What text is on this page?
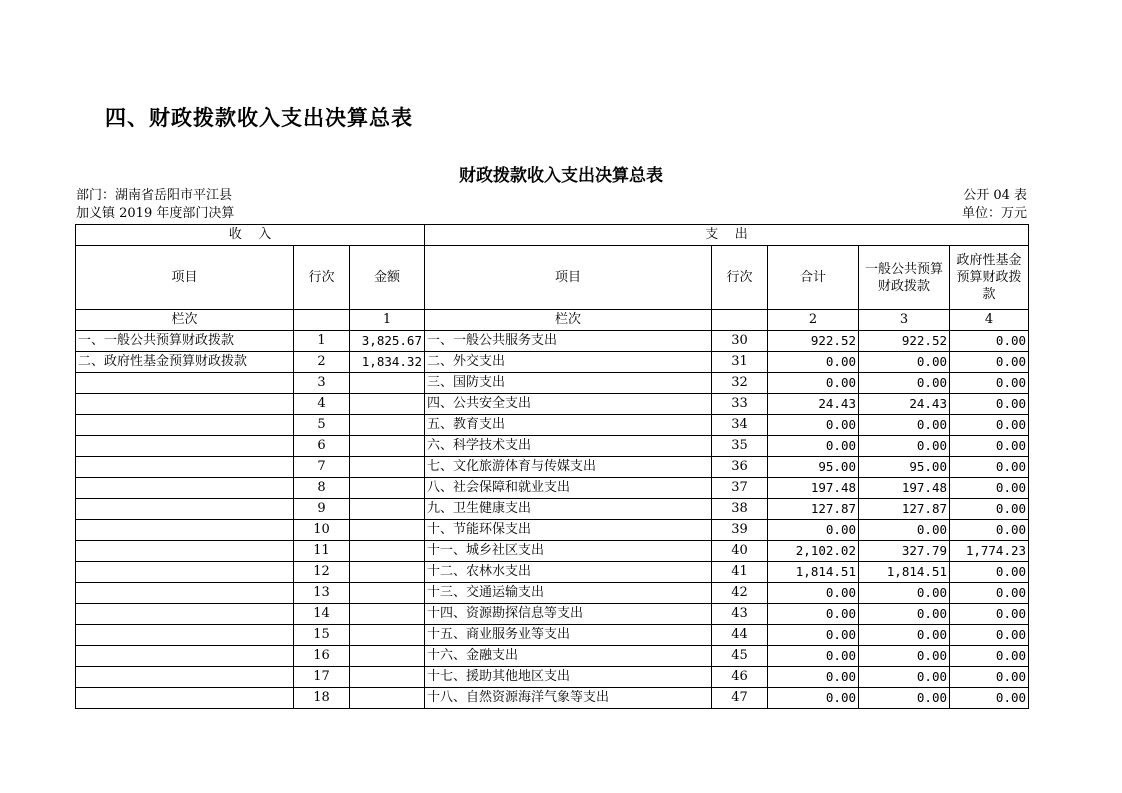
四、财政拨款收入支出决算总表
财政拨款收入支出决算总表
部门：湖南省岳阳市平江县	公开 04 表
加义镇 2019 年度部门决算	单位：万元
收    入			支    出				
项目	行次	金额	项目	行次	合计	一般公共预算财政拨款	政府性基金预算财政拨款
栏次		1	栏次		2	3	4
一、一般公共预算财政拨款	1	3,825.67	一、一般公共服务支出	30	922.52	922.52	0.00
二、政府性基金预算财政拨款	2	1,834.32	二、外交支出	31	0.00	0.00	0.00
	3		三、国防支出	32	0.00	0.00	0.00
	4		四、公共安全支出	33	24.43	24.43	0.00
	5		五、教育支出	34	0.00	0.00	0.00
	6		六、科学技术支出	35	0.00	0.00	0.00
	7		七、文化旅游体育与传媒支出	36	95.00	95.00	0.00
	8		八、社会保障和就业支出	37	197.48	197.48	0.00
	9		九、卫生健康支出	38	127.87	127.87	0.00
	10		十、节能环保支出	39	0.00	0.00	0.00
	11		十一、城乡社区支出	40	2,102.02	327.79	1,774.23
	12		十二、农林水支出	41	1,814.51	1,814.51	0.00
	13		十三、交通运输支出	42	0.00	0.00	0.00
	14		十四、资源勘探信息等支出	43	0.00	0.00	0.00
	15		十五、商业服务业等支出	44	0.00	0.00	0.00
	16		十六、金融支出	45	0.00	0.00	0.00
	17		十七、援助其他地区支出	46	0.00	0.00	0.00
	18		十八、自然资源海洋气象等支出	47	0.00	0.00	0.00
